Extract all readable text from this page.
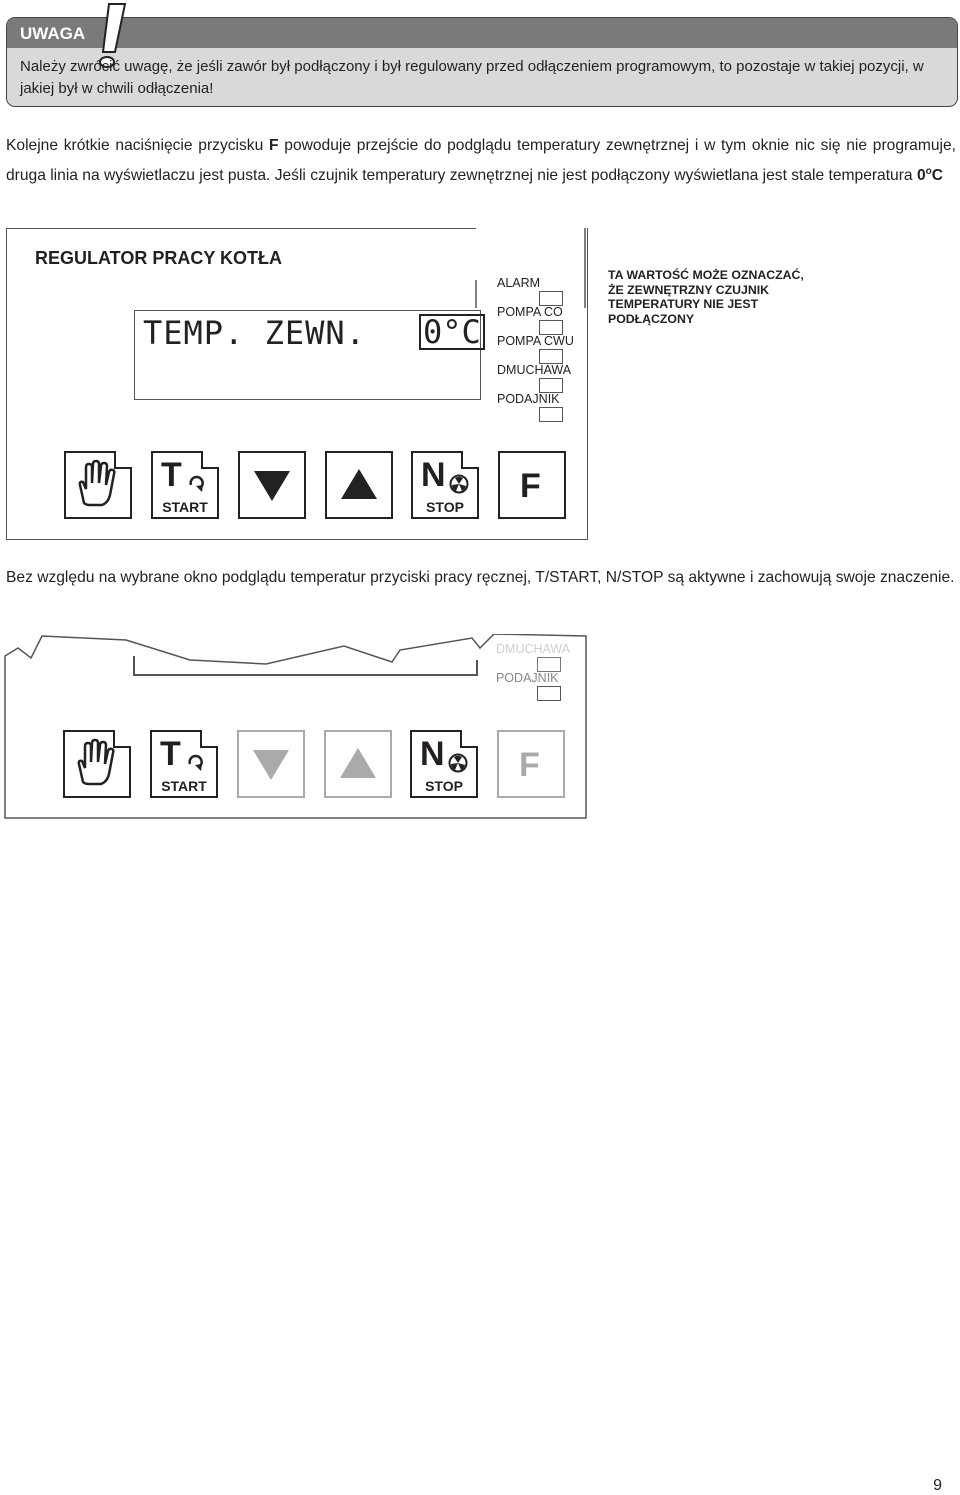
UWAGA
Należy zwrócić uwagę, że jeśli zawór był podłączony i był regulowany przed odłączeniem programowym, to pozostaje w takiej pozycji, w jakiej był w chwili odłączenia!
Kolejne krótkie naciśnięcie przycisku F powoduje przejście do podglądu temperatury zewnętrznej i w tym oknie nic się nie programuje, druga linia na wyświetlaczu jest pusta. Jeśli czujnik temperatury zewnętrznej nie jest podłączony wyświetlana jest stale temperatura 0$^o$C
REGULATOR PRACY KOTŁA
TEMP. ZEWN. 0°C
ALARM
POMPA CO
POMPA CWU
DMUCHAWA
PODAJNIK
T
START
N
STOP
F
TA WARTOŚĆ MOŻE OZNACZAĆ,
ŻE ZEWNĘTRZNY CZUJNIK
TEMPERATURY NIE JEST
PODŁĄCZONY
Bez względu na wybrane okno podglądu temperatur przyciski pracy ręcznej, T/START, N/STOP są aktywne i zachowują swoje znaczenie.
DMUCHAWA
PODAJNIK
T
START
N
STOP
F
9
